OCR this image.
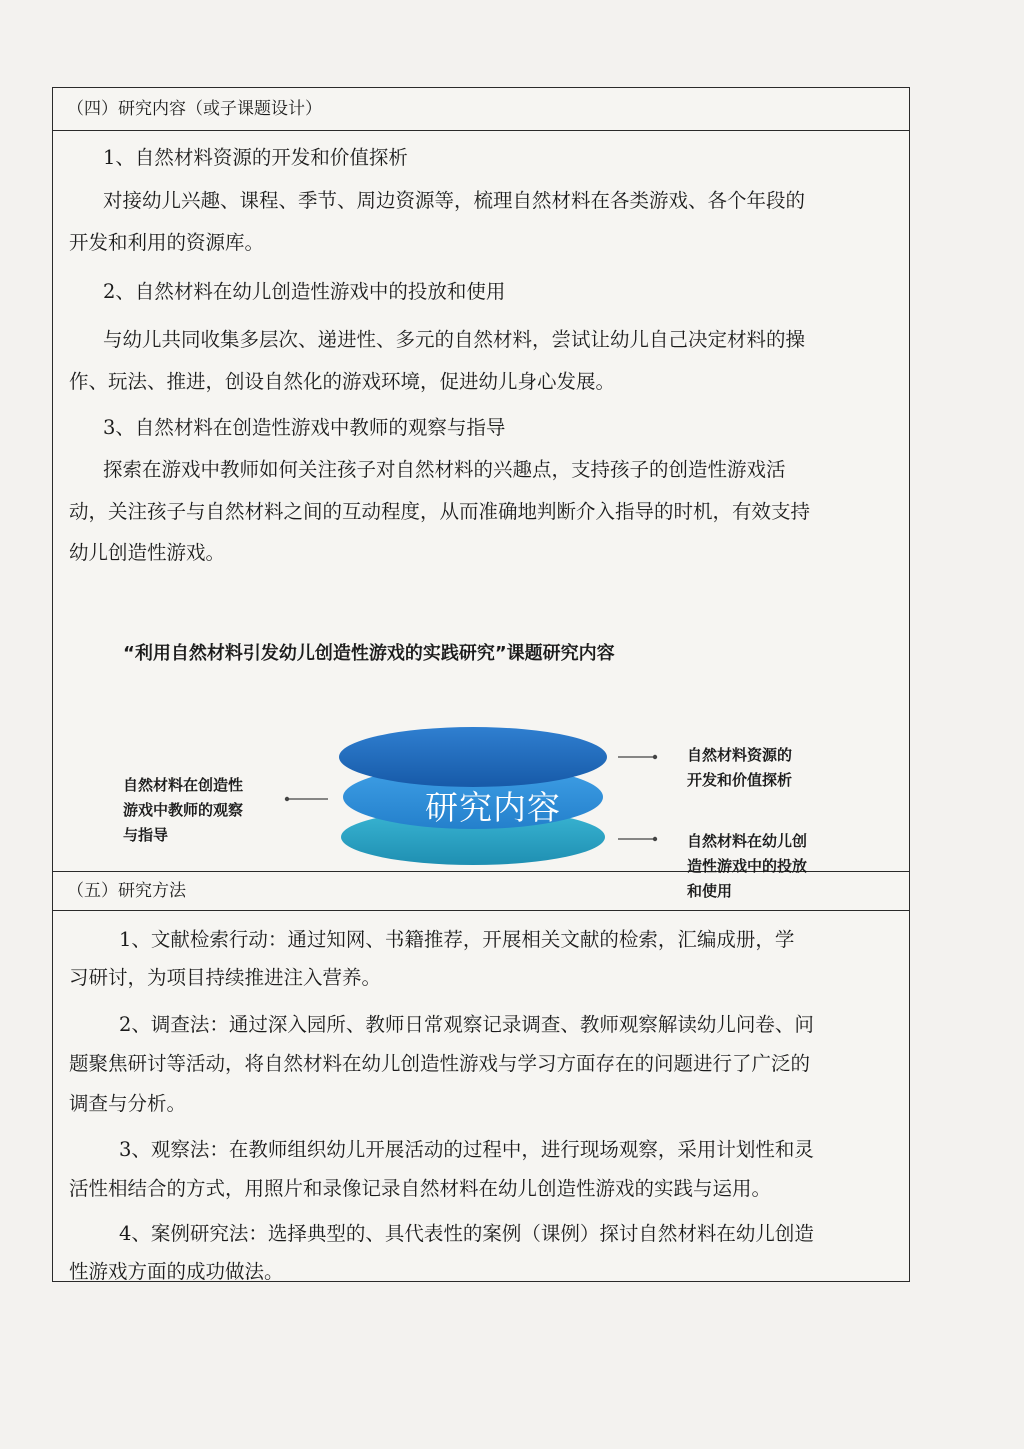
（四）研究内容（或子课题设计）
1、自然材料资源的开发和价值探析
对接幼儿兴趣、课程、季节、周边资源等，梳理自然材料在各类游戏、各个年段的
开发和利用的资源库。
2、自然材料在幼儿创造性游戏中的投放和使用
与幼儿共同收集多层次、递进性、多元的自然材料，尝试让幼儿自己决定材料的操
作、玩法、推进，创设自然化的游戏环境，促进幼儿身心发展。
3、自然材料在创造性游戏中教师的观察与指导
探索在游戏中教师如何关注孩子对自然材料的兴趣点，支持孩子的创造性游戏活
动，关注孩子与自然材料之间的互动程度，从而准确地判断介入指导的时机，有效支持
幼儿创造性游戏。
“利用自然材料引发幼儿创造性游戏的实践研究”课题研究内容
研究内容
自然材料在创造性
游戏中教师的观察
与指导
自然材料资源的
开发和价值探析
自然材料在幼儿创
造性游戏中的投放
和使用
（五）研究方法
1、文献检索行动：通过知网、书籍推荐，开展相关文献的检索，汇编成册，学
习研讨，为项目持续推进注入营养。
2、调查法：通过深入园所、教师日常观察记录调查、教师观察解读幼儿问卷、问
题聚焦研讨等活动，将自然材料在幼儿创造性游戏与学习方面存在的问题进行了广泛的
调查与分析。
3、观察法：在教师组织幼儿开展活动的过程中，进行现场观察，采用计划性和灵
活性相结合的方式，用照片和录像记录自然材料在幼儿创造性游戏的实践与运用。
4、案例研究法：选择典型的、具代表性的案例（课例）探讨自然材料在幼儿创造
性游戏方面的成功做法。
